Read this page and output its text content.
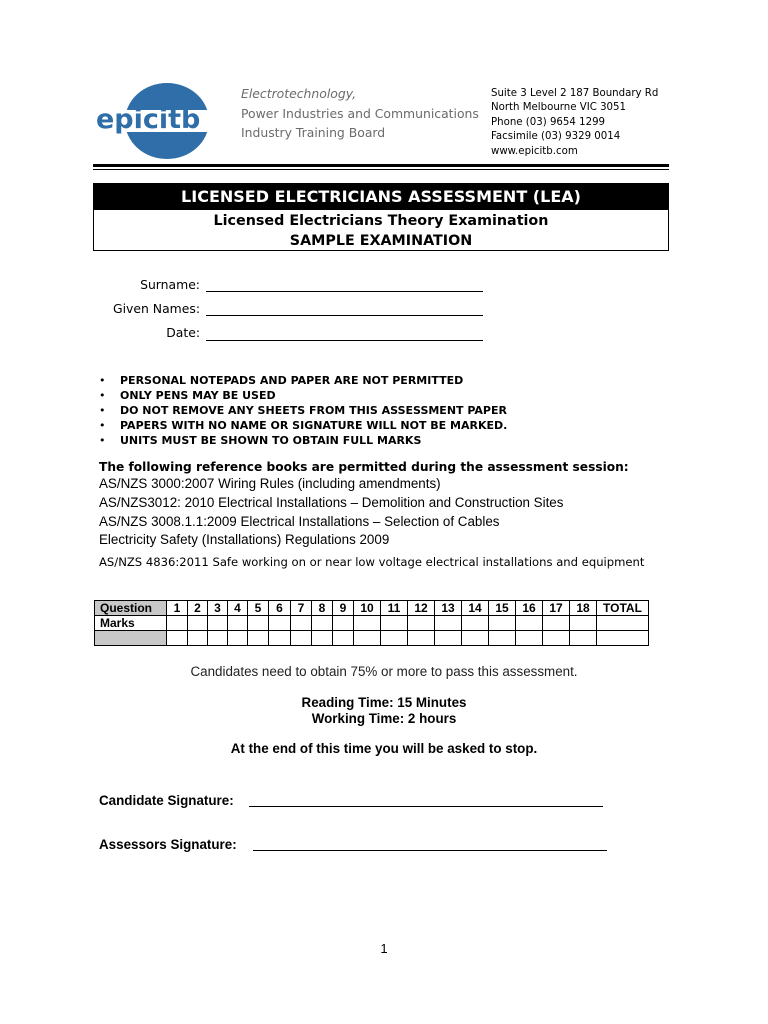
epicitb
Electrotechnology,
Power Industries and Communications
Industry Training Board
Suite 3 Level 2 187 Boundary Rd
North Melbourne VIC 3051
Phone (03) 9654 1299
Facsimile (03) 9329 0014
www.epicitb.com
LICENSED ELECTRICIANS ASSESSMENT (LEA)
Licensed Electricians Theory Examination
SAMPLE EXAMINATION
Surname:
Given Names:
Date:
• PERSONAL NOTEPADS AND PAPER ARE NOT PERMITTED
• ONLY PENS MAY BE USED
• DO NOT REMOVE ANY SHEETS FROM THIS ASSESSMENT PAPER
• PAPERS WITH NO NAME OR SIGNATURE WILL NOT BE MARKED.
• UNITS MUST BE SHOWN TO OBTAIN FULL MARKS
The following reference books are permitted during the assessment session:
AS/NZS 3000:2007 Wiring Rules (including amendments)
AS/NZS3012: 2010 Electrical Installations – Demolition and Construction Sites
AS/NZS 3008.1.1:2009 Electrical Installations – Selection of Cables
Electricity Safety (Installations) Regulations 2009
AS/NZS 4836:2011 Safe working on or near low voltage electrical installations and equipment
Question	1	2	3	4	5	6	7	8	9	10	11	12	13	14	15	16	17	18	TOTAL
Marks																			

Candidates need to obtain 75% or more to pass this assessment.
Reading Time: 15 Minutes
Working Time: 2 hours
At the end of this time you will be asked to stop.
Candidate Signature:
Assessors Signature:
1
